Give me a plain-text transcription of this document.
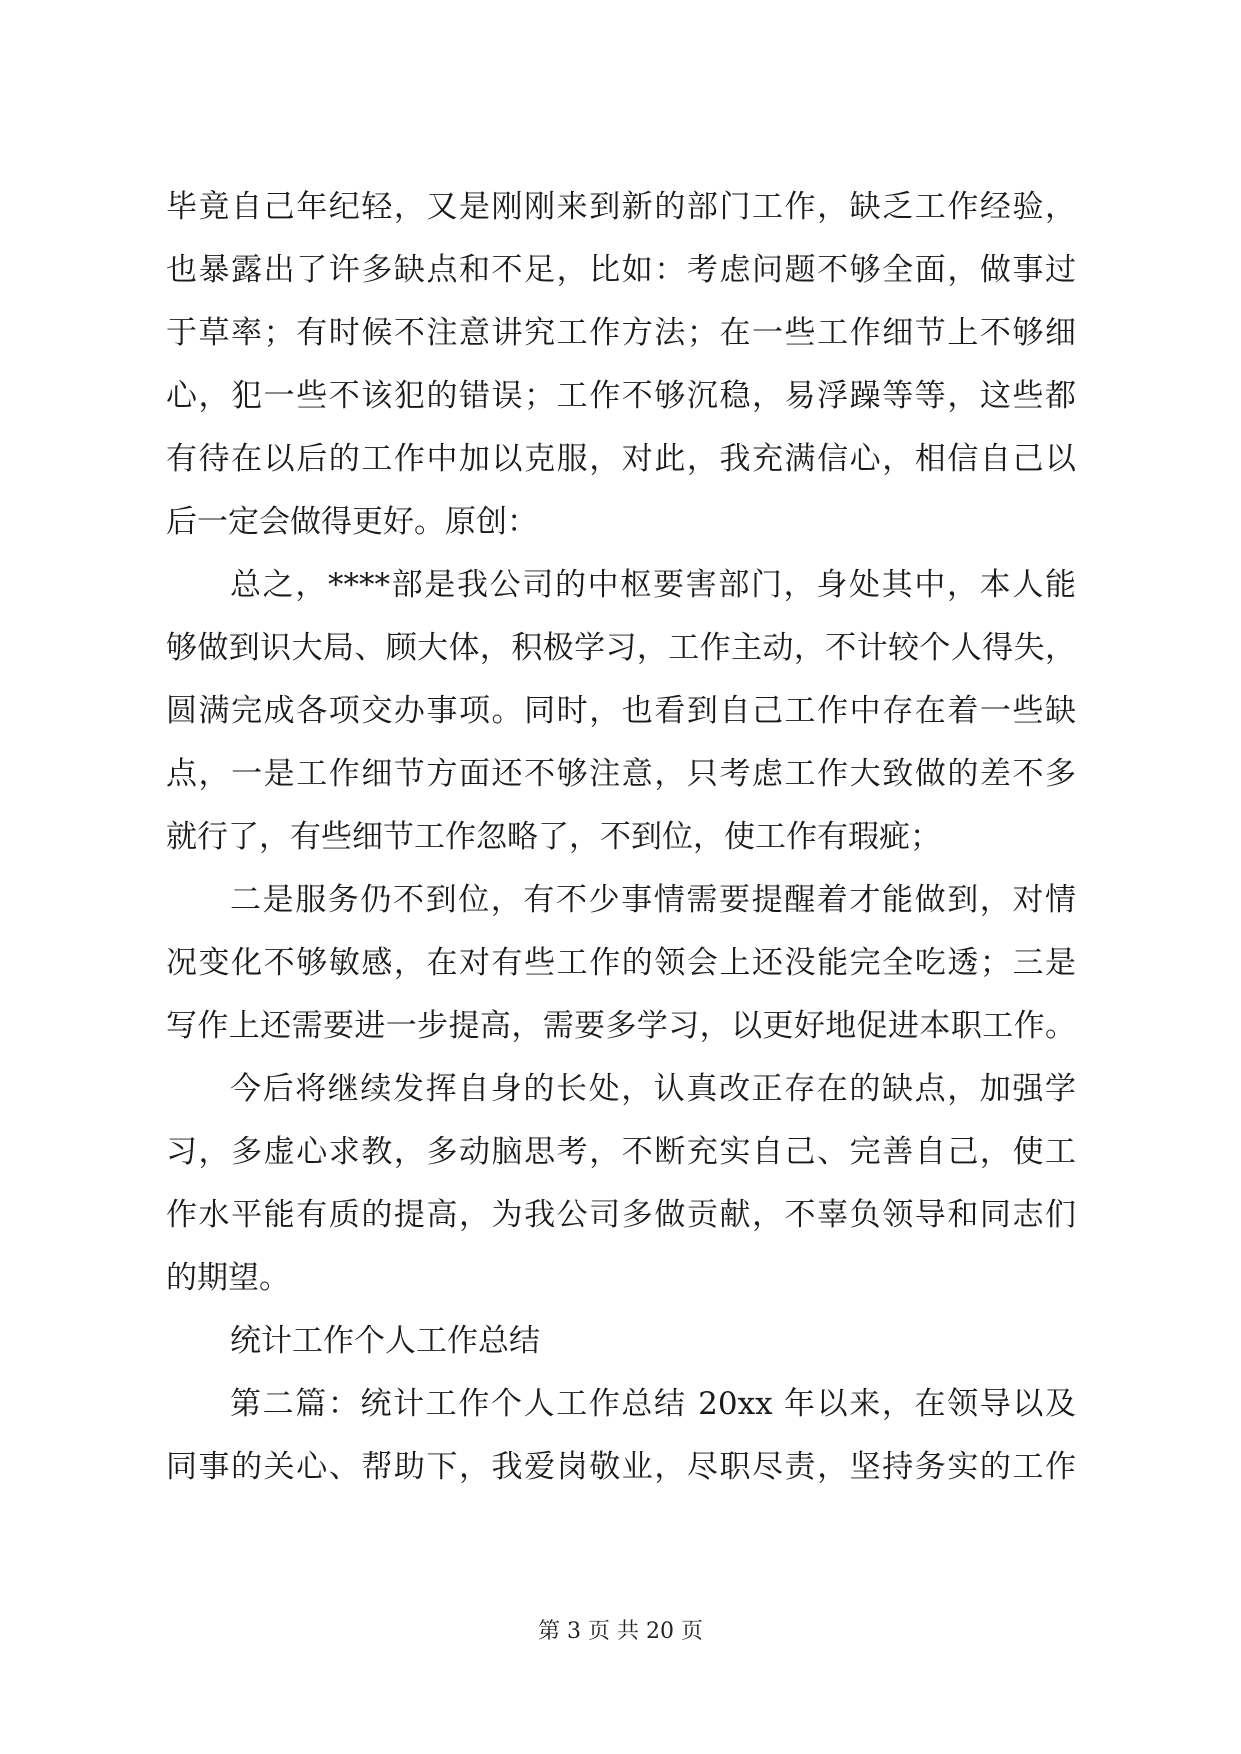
毕竟自己年纪轻，又是刚刚来到新的部门工作，缺乏工作经验，
也暴露出了许多缺点和不足，比如：考虑问题不够全面，做事过
于草率；有时候不注意讲究工作方法；在一些工作细节上不够细
心，犯一些不该犯的错误；工作不够沉稳，易浮躁等等，这些都
有待在以后的工作中加以克服，对此，我充满信心，相信自己以
后一定会做得更好。原创：
总之，****部是我公司的中枢要害部门，身处其中，本人能
够做到识大局、顾大体，积极学习，工作主动，不计较个人得失，
圆满完成各项交办事项。同时，也看到自己工作中存在着一些缺
点，一是工作细节方面还不够注意，只考虑工作大致做的差不多
就行了，有些细节工作忽略了，不到位，使工作有瑕疵；
二是服务仍不到位，有不少事情需要提醒着才能做到，对情
况变化不够敏感，在对有些工作的领会上还没能完全吃透；三是
写作上还需要进一步提高，需要多学习，以更好地促进本职工作。
今后将继续发挥自身的长处，认真改正存在的缺点，加强学
习，多虚心求教，多动脑思考，不断充实自己、完善自己，使工
作水平能有质的提高，为我公司多做贡献，不辜负领导和同志们
的期望。
统计工作个人工作总结
第二篇：统计工作个人工作总结 20xx 年以来，在领导以及
同事的关心、帮助下，我爱岗敬业，尽职尽责，坚持务实的工作
第 3 页 共 20 页
